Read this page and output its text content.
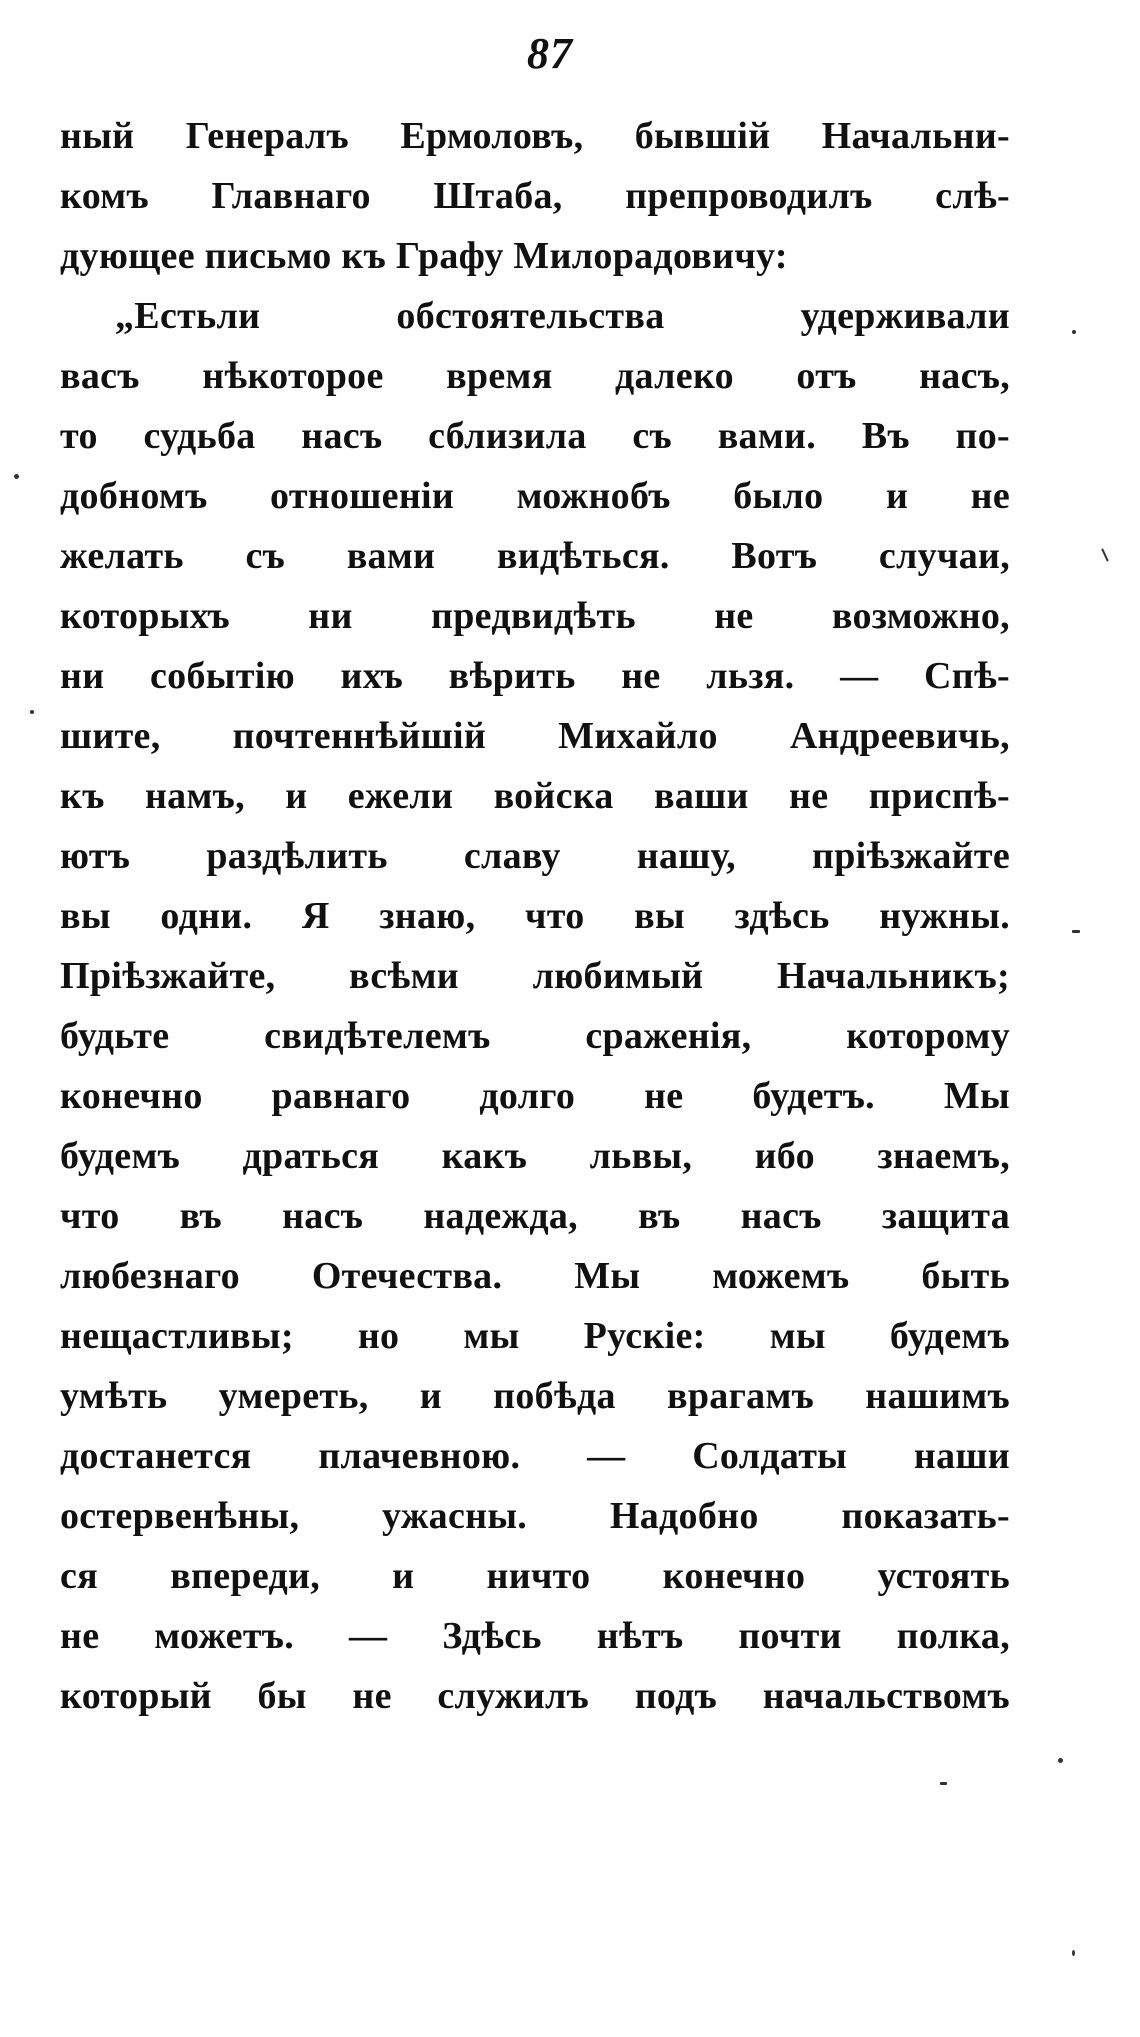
87
ный Генералъ Ермоловъ, бывшій Начальни-
комъ Главнаго Штаба, препроводилъ слѣ-
дующее письмо къ Графу Милорадовичу:
„Естьли обстоятельства удерживали
васъ нѣкоторое время далеко отъ насъ,
то судьба насъ сблизила съ вами. Въ по-
добномъ отношеніи можнобъ было и не
желать съ вами видѣться. Вотъ случаи,
которыхъ ни предвидѣть не возможно,
ни событію ихъ вѣрить не льзя. — Спѣ-
шите, почтеннѣйшій Михайло Андреевичь,
къ намъ, и ежели войска ваши не приспѣ-
ютъ раздѣлить славу нашу, пріѣзжайте
вы одни. Я знаю, что вы здѣсь нужны.
Пріѣзжайте, всѣми любимый Начальникъ;
будьте свидѣтелемъ сраженія, которому
конечно равнаго долго не будетъ. Мы
будемъ драться какъ львы, ибо знаемъ,
что въ насъ надежда, въ насъ защита
любезнаго Отечества. Мы можемъ быть
нещастливы; но мы Рускіе: мы будемъ
умѣть умереть, и побѣда врагамъ нашимъ
достанется плачевною. — Солдаты наши
остервенѣны, ужасны. Надобно показать-
ся впереди, и ничто конечно устоять
не можетъ. — Здѣсь нѣтъ почти полка,
который бы не служилъ подъ начальствомъ
